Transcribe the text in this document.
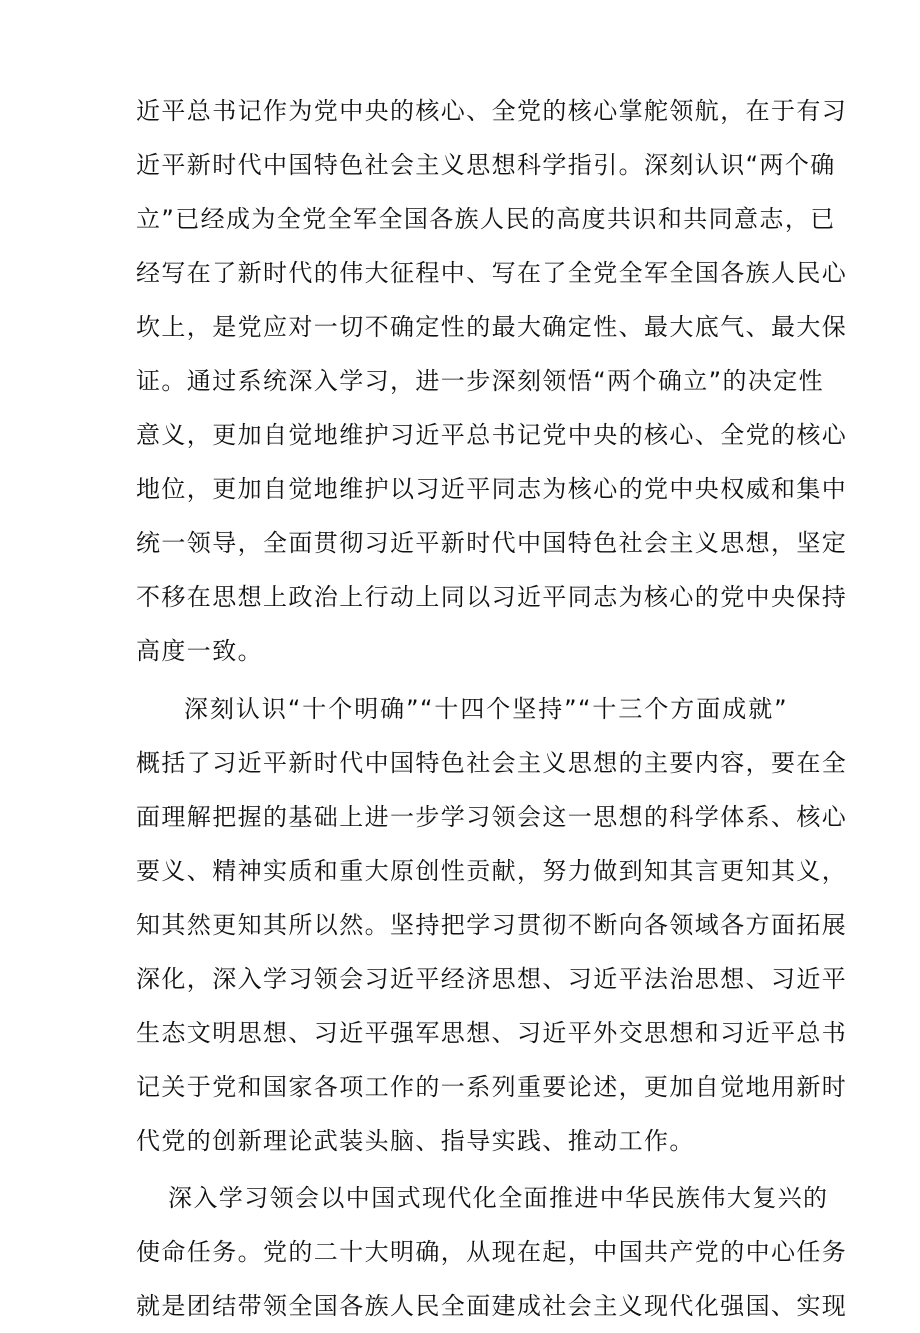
近平总书记作为党中央的核心、全党的核心掌舵领航，在于有习
近平新时代中国特色社会主义思想科学指引。深刻认识“两个确
立”已经成为全党全军全国各族人民的高度共识和共同意志，已
经写在了新时代的伟大征程中、写在了全党全军全国各族人民心
坎上，是党应对一切不确定性的最大确定性、最大底气、最大保
证。通过系统深入学习，进一步深刻领悟“两个确立”的决定性
意义，更加自觉地维护习近平总书记党中央的核心、全党的核心
地位，更加自觉地维护以习近平同志为核心的党中央权威和集中
统一领导，全面贯彻习近平新时代中国特色社会主义思想，坚定
不移在思想上政治上行动上同以习近平同志为核心的党中央保持
高度一致。
深刻认识“十个明确”“十四个坚持”“十三个方面成就”
概括了习近平新时代中国特色社会主义思想的主要内容，要在全
面理解把握的基础上进一步学习领会这一思想的科学体系、核心
要义、精神实质和重大原创性贡献，努力做到知其言更知其义，
知其然更知其所以然。坚持把学习贯彻不断向各领域各方面拓展
深化，深入学习领会习近平经济思想、习近平法治思想、习近平
生态文明思想、习近平强军思想、习近平外交思想和习近平总书
记关于党和国家各项工作的一系列重要论述，更加自觉地用新时
代党的创新理论武装头脑、指导实践、推动工作。
深入学习领会以中国式现代化全面推进中华民族伟大复兴的
使命任务。党的二十大明确，从现在起，中国共产党的中心任务
就是团结带领全国各族人民全面建成社会主义现代化强国、实现
